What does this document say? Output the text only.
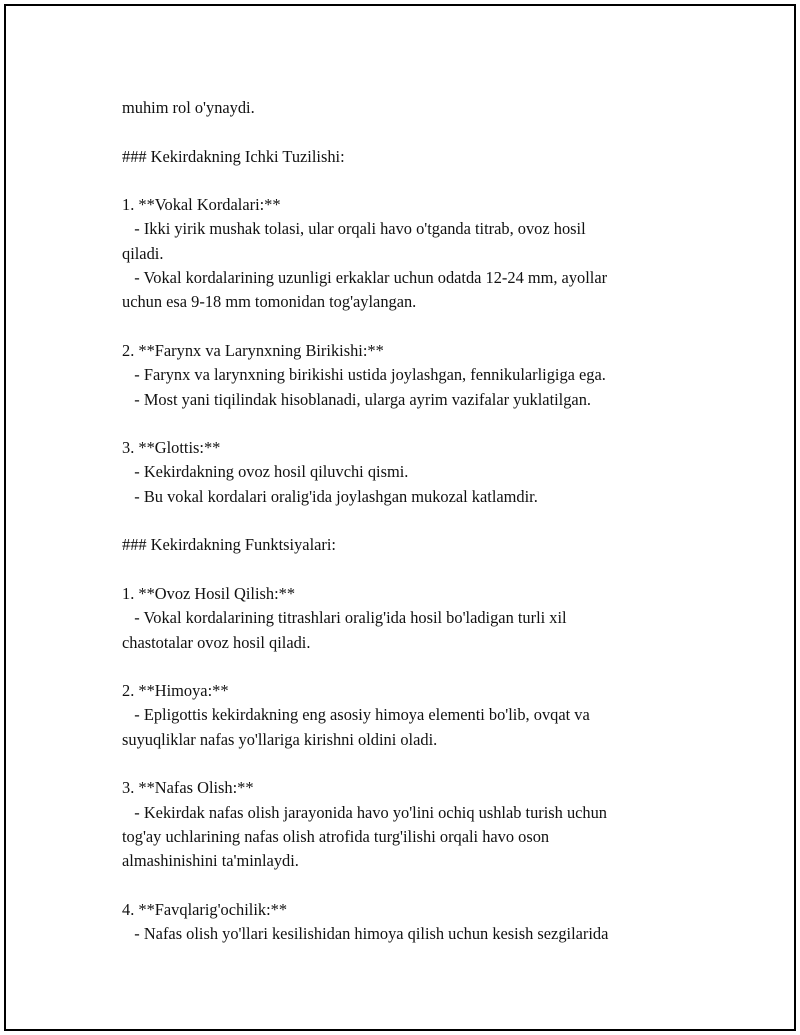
muhim rol o'ynaydi.
### Kekirdakning Ichki Tuzilishi:
1. **Vokal Kordalari:**
- Ikki yirik mushak tolasi, ular orqali havo o'tganda titrab, ovoz hosil
qiladi.
- Vokal kordalarining uzunligi erkaklar uchun odatda 12-24 mm, ayollar
uchun esa 9-18 mm tomonidan tog'aylangan.
2. **Farynx va Larynxning Birikishi:**
- Farynx va larynxning birikishi ustida joylashgan, fennikularligiga ega.
- Most yani tiqilindak hisoblanadi, ularga ayrim vazifalar yuklatilgan.
3. **Glottis:**
- Kekirdakning ovoz hosil qiluvchi qismi.
- Bu vokal kordalari oralig'ida joylashgan mukozal katlamdir.
### Kekirdakning Funktsiyalari:
1. **Ovoz Hosil Qilish:**
- Vokal kordalarining titrashlari oralig'ida hosil bo'ladigan turli xil
chastotalar ovoz hosil qiladi.
2. **Himoya:**
- Epligottis kekirdakning eng asosiy himoya elementi bo'lib, ovqat va
suyuqliklar nafas yo'llariga kirishni oldini oladi.
3. **Nafas Olish:**
- Kekirdak nafas olish jarayonida havo yo'lini ochiq ushlab turish uchun
tog'ay uchlarining nafas olish atrofida turg'ilishi orqali havo oson
almashinishini ta'minlaydi.
4. **Favqlarig'ochilik:**
- Nafas olish yo'llari kesilishidan himoya qilish uchun kesish sezgilarida
